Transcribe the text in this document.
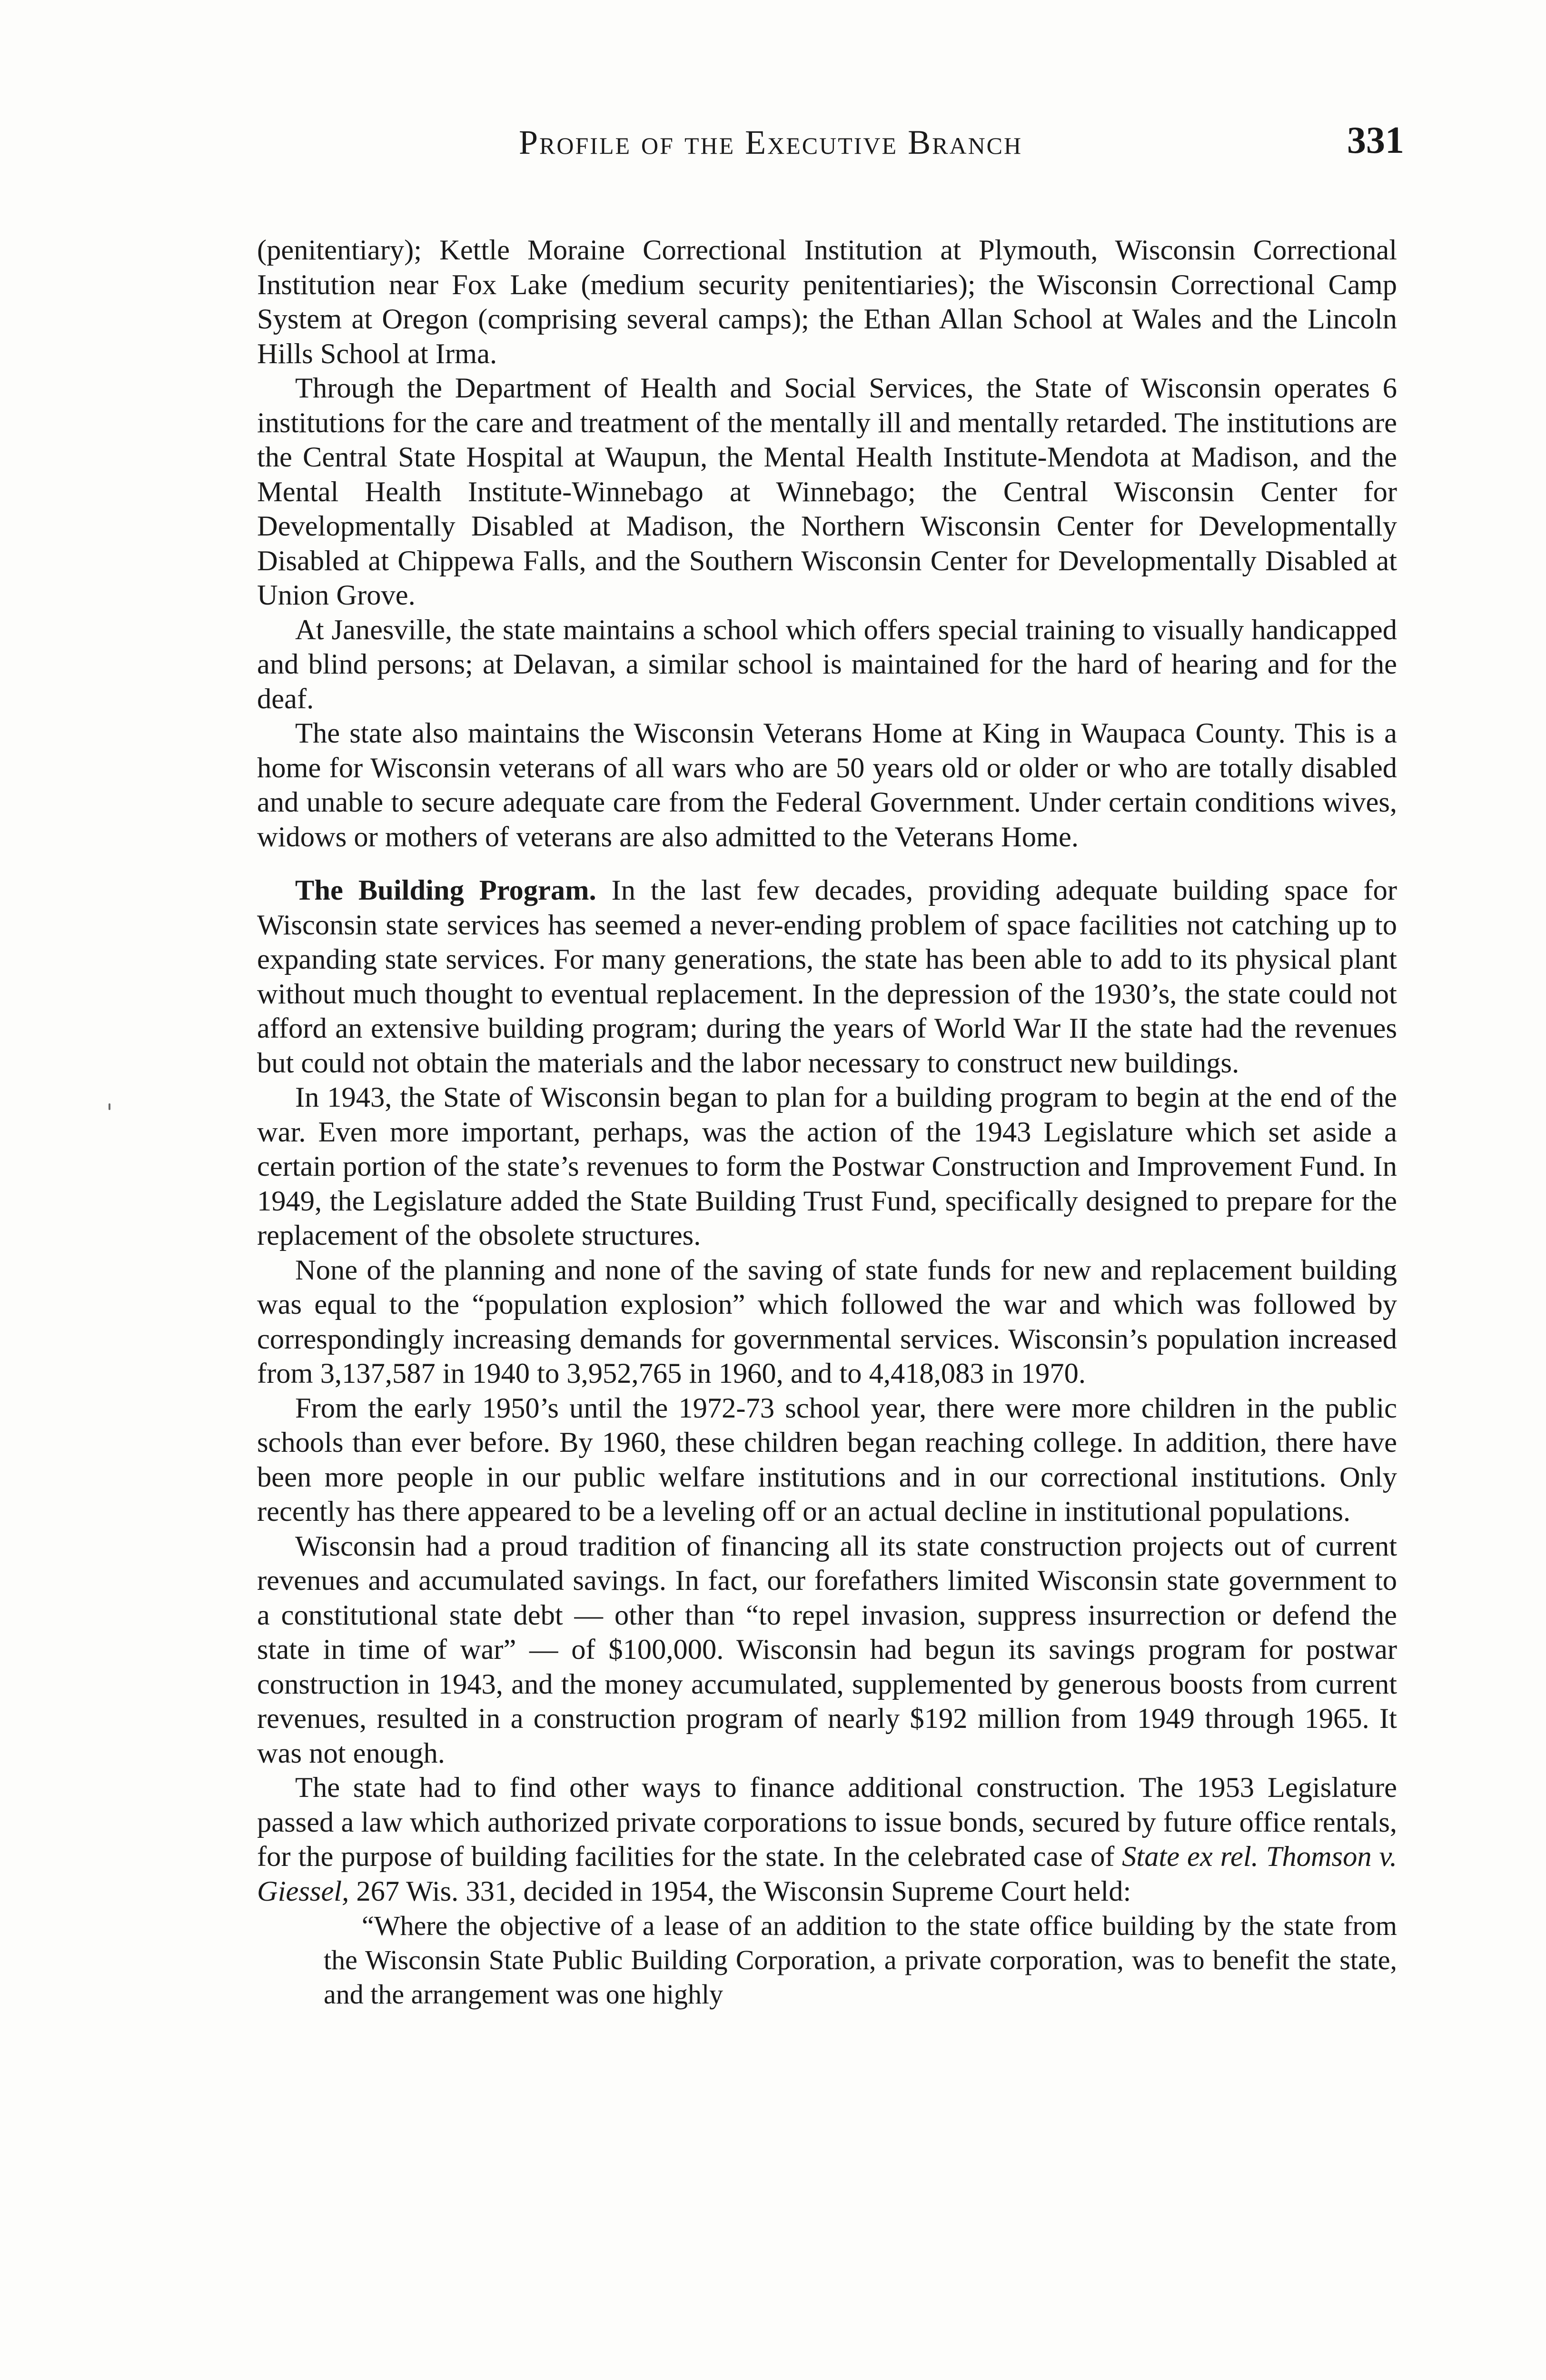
Profile of the Executive Branch	331

(penitentiary); Kettle Moraine Correctional Institution at Plymouth, Wisconsin Correctional Institution near Fox Lake (medium security penitentiaries); the Wisconsin Correctional Camp System at Oregon (comprising several camps); the Ethan Allan School at Wales and the Lincoln Hills School at Irma.

Through the Department of Health and Social Services, the State of Wisconsin operates 6 institutions for the care and treatment of the mentally ill and mentally retarded. The institutions are the Central State Hospital at Waupun, the Mental Health Institute-Mendota at Madison, and the Mental Health Institute-Winnebago at Winnebago; the Central Wisconsin Center for Developmentally Disabled at Madison, the Northern Wisconsin Center for Developmentally Disabled at Chippewa Falls, and the Southern Wisconsin Center for Developmentally Disabled at Union Grove.

At Janesville, the state maintains a school which offers special training to visually handicapped and blind persons; at Delavan, a similar school is maintained for the hard of hearing and for the deaf.

The state also maintains the Wisconsin Veterans Home at King in Waupaca County. This is a home for Wisconsin veterans of all wars who are 50 years old or older or who are totally disabled and unable to secure adequate care from the Federal Government. Under certain conditions wives, widows or mothers of veterans are also admitted to the Veterans Home.

The Building Program. In the last few decades, providing adequate building space for Wisconsin state services has seemed a never-ending problem of space facilities not catching up to expanding state services. For many generations, the state has been able to add to its physical plant without much thought to eventual replacement. In the depression of the 1930’s, the state could not afford an extensive building program; during the years of World War II the state had the revenues but could not obtain the materials and the labor necessary to construct new buildings.

In 1943, the State of Wisconsin began to plan for a building program to begin at the end of the war. Even more important, perhaps, was the action of the 1943 Legislature which set aside a certain portion of the state’s revenues to form the Postwar Construction and Improvement Fund. In 1949, the Legislature added the State Building Trust Fund, specifically designed to prepare for the replacement of the obsolete structures.

None of the planning and none of the saving of state funds for new and replacement building was equal to the “population explosion” which followed the war and which was followed by correspondingly increasing demands for governmental services. Wisconsin’s population increased from 3,137,587 in 1940 to 3,952,765 in 1960, and to 4,418,083 in 1970.

From the early 1950’s until the 1972-73 school year, there were more children in the public schools than ever before. By 1960, these children began reaching college. In addition, there have been more people in our public welfare institutions and in our correctional institutions. Only recently has there appeared to be a leveling off or an actual decline in institutional populations.

Wisconsin had a proud tradition of financing all its state construction projects out of current revenues and accumulated savings. In fact, our forefathers limited Wisconsin state government to a constitutional state debt — other than “to repel invasion, suppress insurrection or defend the state in time of war” — of $100,000. Wisconsin had begun its savings program for postwar construction in 1943, and the money accumulated, supplemented by generous boosts from current revenues, resulted in a construction program of nearly $192 million from 1949 through 1965. It was not enough.

The state had to find other ways to finance additional construction. The 1953 Legislature passed a law which authorized private corporations to issue bonds, secured by future office rentals, for the purpose of building facilities for the state. In the celebrated case of State ex rel. Thomson v. Giessel, 267 Wis. 331, decided in 1954, the Wisconsin Supreme Court held:

“Where the objective of a lease of an addition to the state office building by the state from the Wisconsin State Public Building Corporation, a private corporation, was to benefit the state, and the arrangement was one highly
